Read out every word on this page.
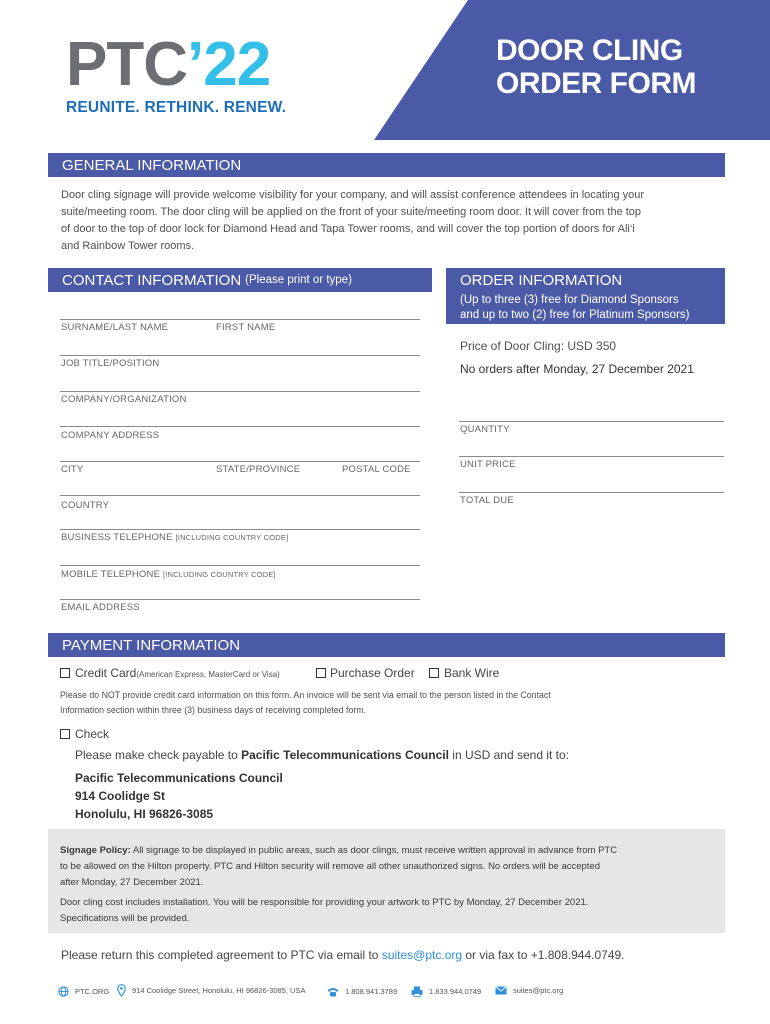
DOOR CLING
ORDER FORM
PTC’22
REUNITE. RETHINK. RENEW.
GENERAL INFORMATION
Door cling signage will provide welcome visibility for your company, and will assist conference attendees in locating your
suite/meeting room. The door cling will be applied on the front of your suite/meeting room door. It will cover from the top
of door to the top of door lock for Diamond Head and Tapa Tower rooms, and will cover the top portion of doors for Ali‘i
and Rainbow Tower rooms.
CONTACT INFORMATION (Please print or type)
SURNAME/LAST NAME	FIRST NAME
JOB TITLE/POSITION
COMPANY/ORGANIZATION
COMPANY ADDRESS
CITY	STATE/PROVINCE	POSTAL CODE
COUNTRY
BUSINESS TELEPHONE [INCLUDING COUNTRY CODE]
MOBILE TELEPHONE [INCLUDING COUNTRY CODE]
EMAIL ADDRESS
ORDER INFORMATION
(Up to three (3) free for Diamond Sponsors
and up to two (2) free for Platinum Sponsors)
Price of Door Cling: USD 350
No orders after Monday, 27 December 2021
QUANTITY
UNIT PRICE
TOTAL DUE
PAYMENT INFORMATION
Credit Card(American Express, MasterCard or Visa)	Purchase Order Bank Wire
Please do NOT provide credit card information on this form. An invoice will be sent via email to the person listed in the Contact
Information section within three (3) business days of receiving completed form.
Check
Please make check payable to Pacific Telecommunications Council in USD and send it to:
Pacific Telecommunications Council
914 Coolidge St
Honolulu, HI 96826-3085
Signage Policy: All signage to be displayed in public areas, such as door clings, must receive written approval in advance from PTC
to be allowed on the Hilton property. PTC and Hilton security will remove all other unauthorized signs. No orders will be accepted
after Monday, 27 December 2021.
Door cling cost includes installation. You will be responsible for providing your artwork to PTC by Monday, 27 December 2021.
Specifications will be provided.
Please return this completed agreement to PTC via email to suites@ptc.org or via fax to +1.808.944.0749.
PTC.ORG	914 Coolidge Street, Honolulu, HI 96826-3085, USA	1.808.941.3789	1.833.944.0749	suites@ptc.org
